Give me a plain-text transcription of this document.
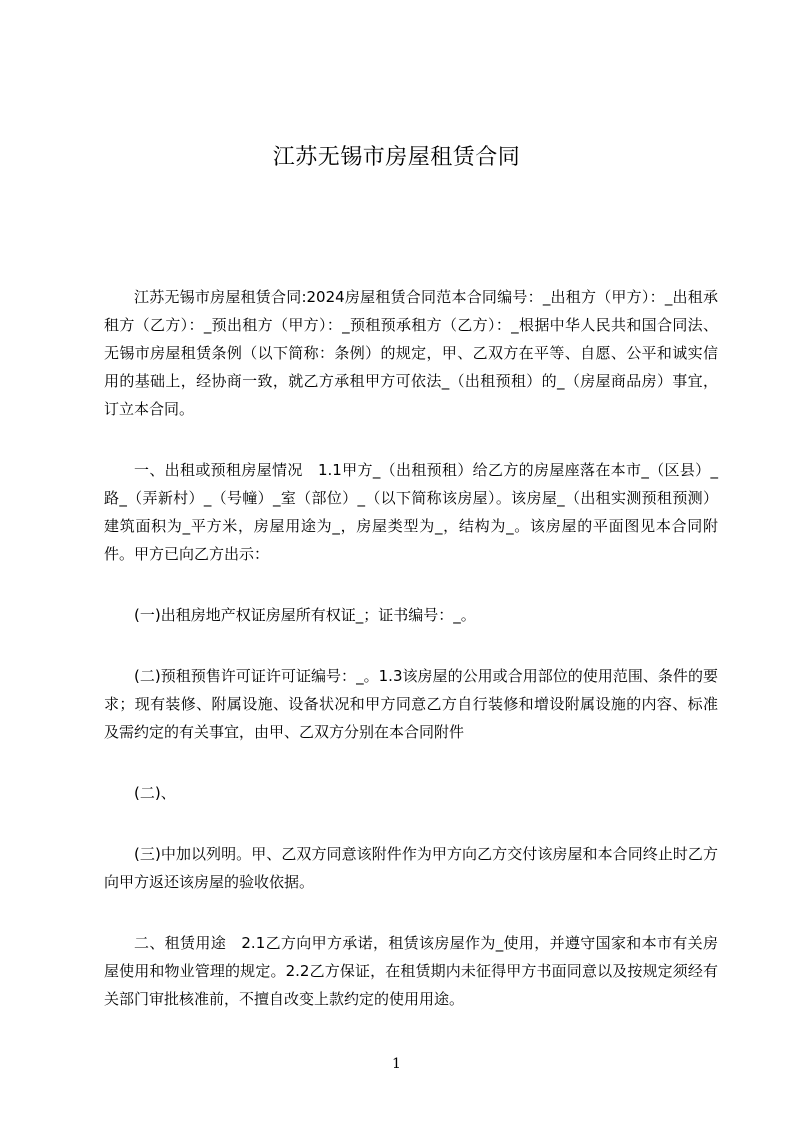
江苏无锡市房屋租赁合同

江苏无锡市房屋租赁合同:2024房屋租赁合同范本合同编号：_出租方（甲方）：_出租承租方（乙方）：_预出租方（甲方）：_预租预承租方（乙方）：_根据中华人民共和国合同法、无锡市房屋租赁条例（以下简称：条例）的规定，甲、乙双方在平等、自愿、公平和诚实信用的基础上，经协商一致，就乙方承租甲方可依法_（出租预租）的_（房屋商品房）事宜，订立本合同。

一、出租或预租房屋情况　1.1甲方_（出租预租）给乙方的房屋座落在本市_（区县）_路_（弄新村）_（号幢）_室（部位）_（以下简称该房屋）。该房屋_（出租实测预租预测）建筑面积为_平方米，房屋用途为_，房屋类型为_，结构为_。该房屋的平面图见本合同附件。甲方已向乙方出示：

(一)出租房地产权证房屋所有权证_；证书编号：_。

(二)预租预售许可证许可证编号：_。1.3该房屋的公用或合用部位的使用范围、条件的要求；现有装修、附属设施、设备状况和甲方同意乙方自行装修和增设附属设施的内容、标准及需约定的有关事宜，由甲、乙双方分别在本合同附件

(二)、

(三)中加以列明。甲、乙双方同意该附件作为甲方向乙方交付该房屋和本合同终止时乙方向甲方返还该房屋的验收依据。

二、租赁用途　2.1乙方向甲方承诺，租赁该房屋作为_使用，并遵守国家和本市有关房屋使用和物业管理的规定。2.2乙方保证，在租赁期内未征得甲方书面同意以及按规定须经有关部门审批核准前，不擅自改变上款约定的使用用途。

1
